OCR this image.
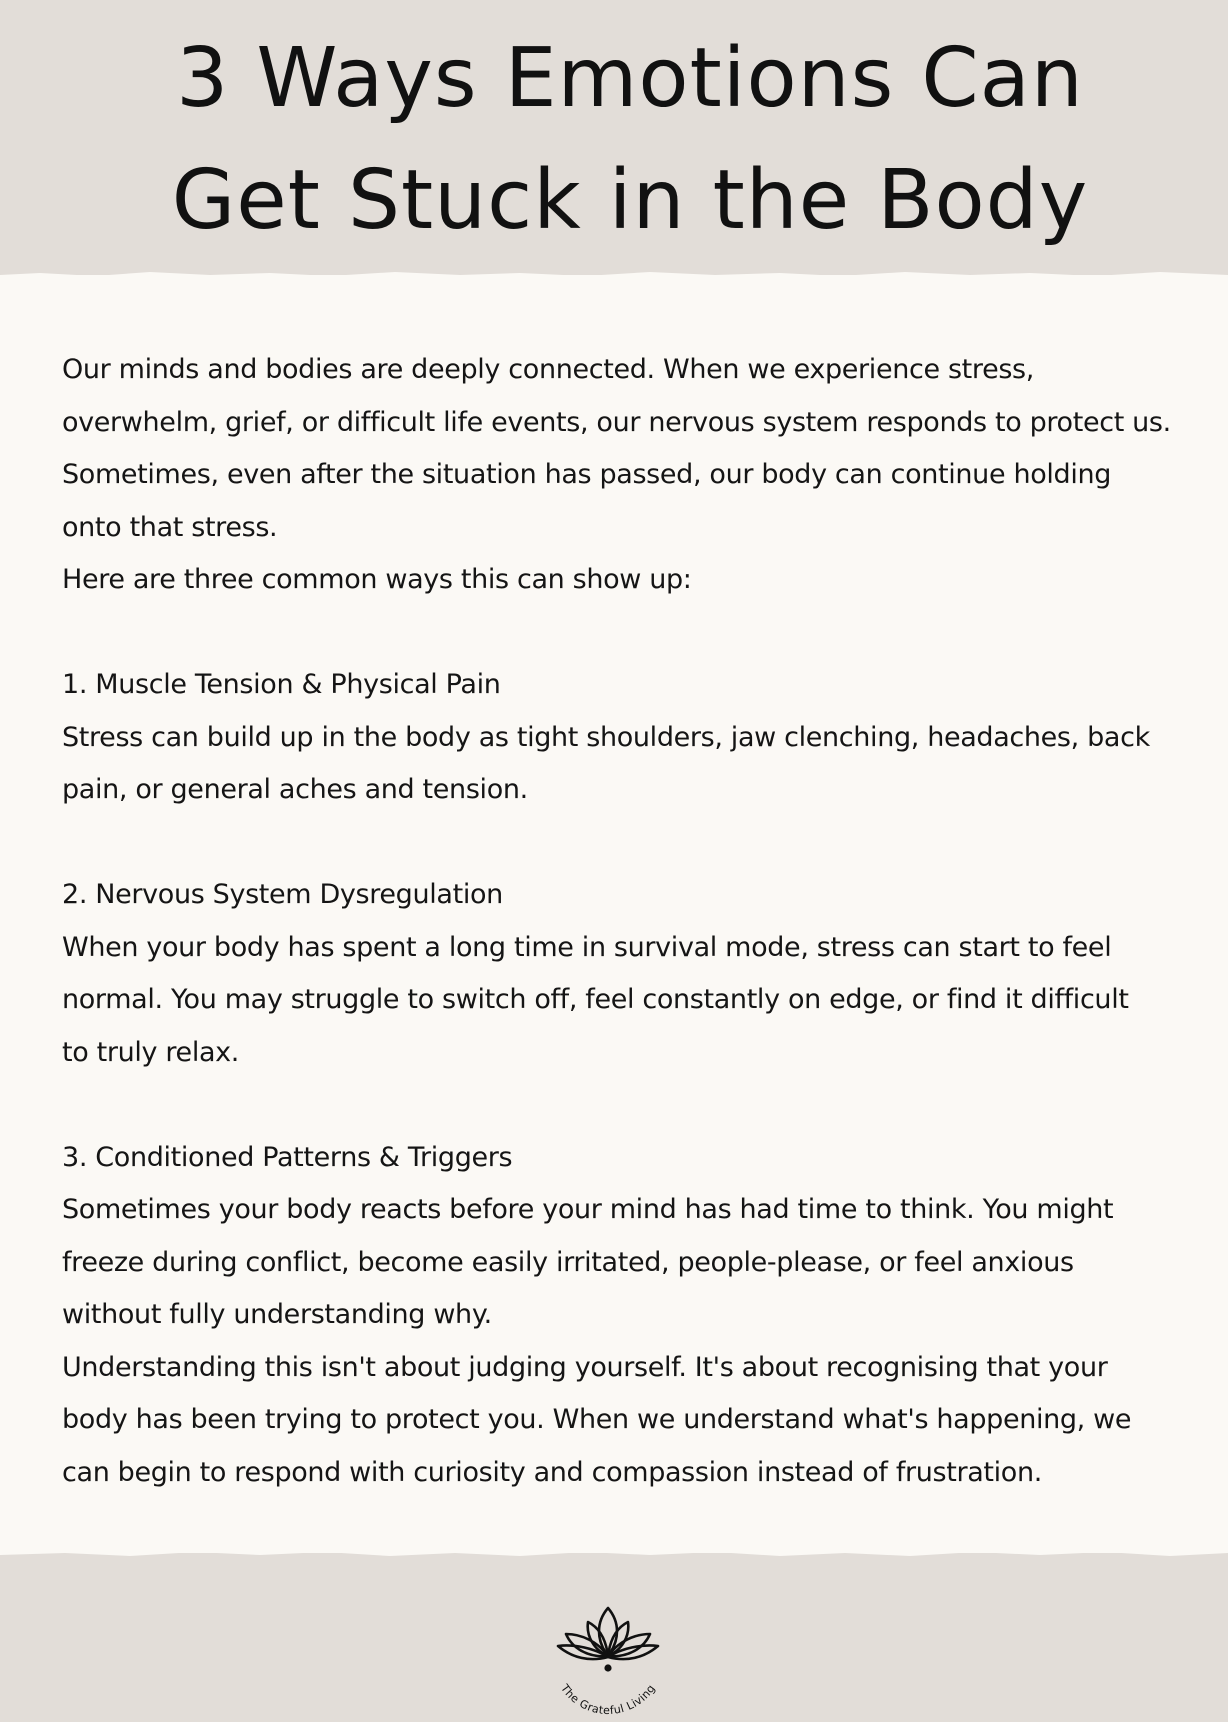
3 Ways Emotions Can
Get Stuck in the Body

Our minds and bodies are deeply connected. When we experience stress,

overwhelm, grief, or difficult life events, our nervous system responds to protect us.

Sometimes, even after the situation has passed, our body can continue holding

onto that stress.

Here are three common ways this can show up:

1. Muscle Tension & Physical Pain

Stress can build up in the body as tight shoulders, jaw clenching, headaches, back

pain, or general aches and tension.

2. Nervous System Dysregulation

When your body has spent a long time in survival mode, stress can start to feel

normal. You may struggle to switch off, feel constantly on edge, or find it difficult

to truly relax.

3. Conditioned Patterns & Triggers

Sometimes your body reacts before your mind has had time to think. You might

freeze during conflict, become easily irritated, people-please, or feel anxious

without fully understanding why.

Understanding this isn't about judging yourself. It's about recognising that your

body has been trying to protect you. When we understand what's happening, we

can begin to respond with curiosity and compassion instead of frustration.

The Grateful Living
